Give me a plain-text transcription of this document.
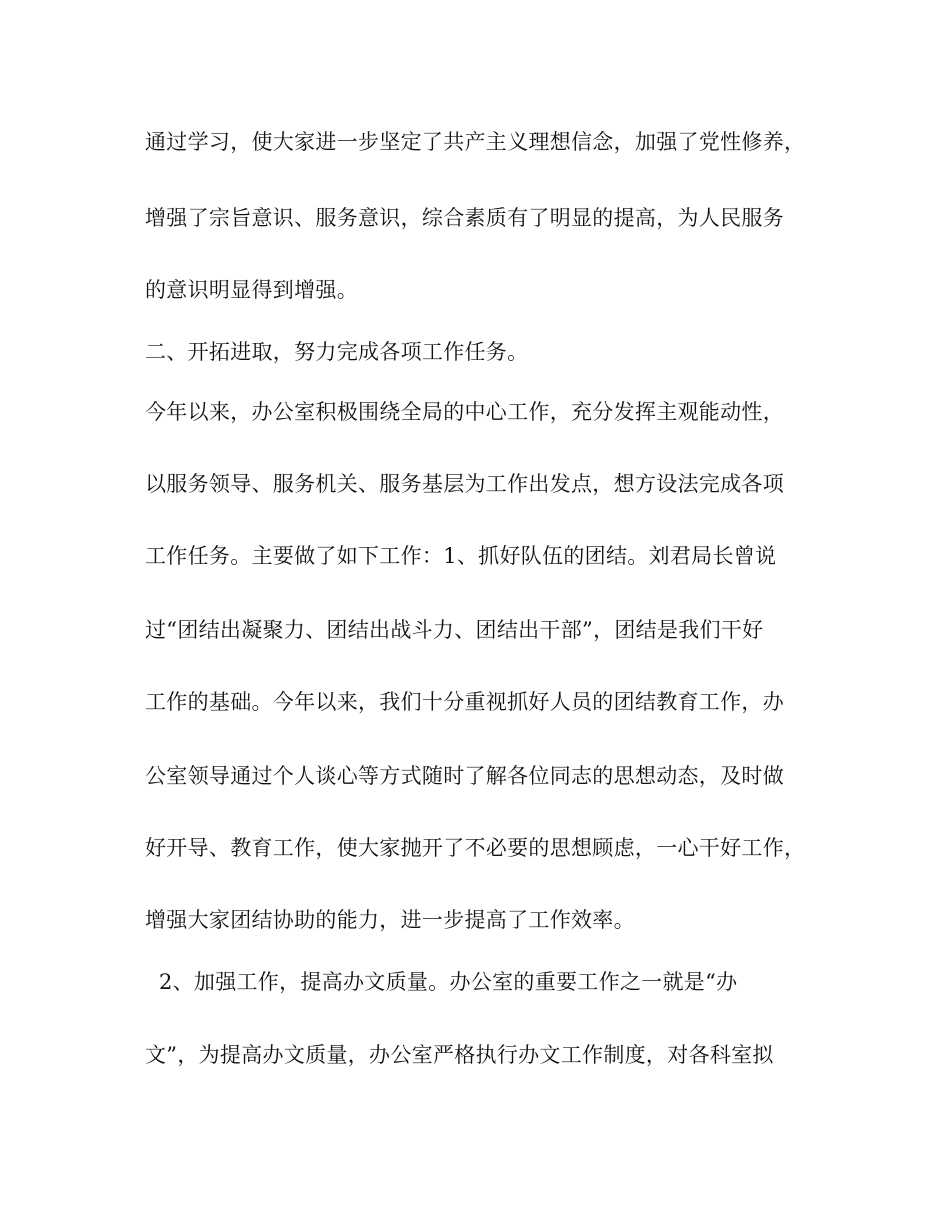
通过学习，使大家进一步坚定了共产主义理想信念，加强了党性修养，
增强了宗旨意识、服务意识，综合素质有了明显的提高，为人民服务
的意识明显得到增强。
二、开拓进取，努力完成各项工作任务。
今年以来，办公室积极围绕全局的中心工作，充分发挥主观能动性，
以服务领导、服务机关、服务基层为工作出发点，想方设法完成各项
工作任务。主要做了如下工作：1、抓好队伍的团结。刘君局长曾说
过“团结出凝聚力、团结出战斗力、团结出干部”，团结是我们干好
工作的基础。今年以来，我们十分重视抓好人员的团结教育工作，办
公室领导通过个人谈心等方式随时了解各位同志的思想动态，及时做
好开导、教育工作，使大家抛开了不必要的思想顾虑，一心干好工作，
增强大家团结协助的能力，进一步提高了工作效率。
2、加强工作，提高办文质量。办公室的重要工作之一就是“办
文”，为提高办文质量，办公室严格执行办文工作制度，对各科室拟
